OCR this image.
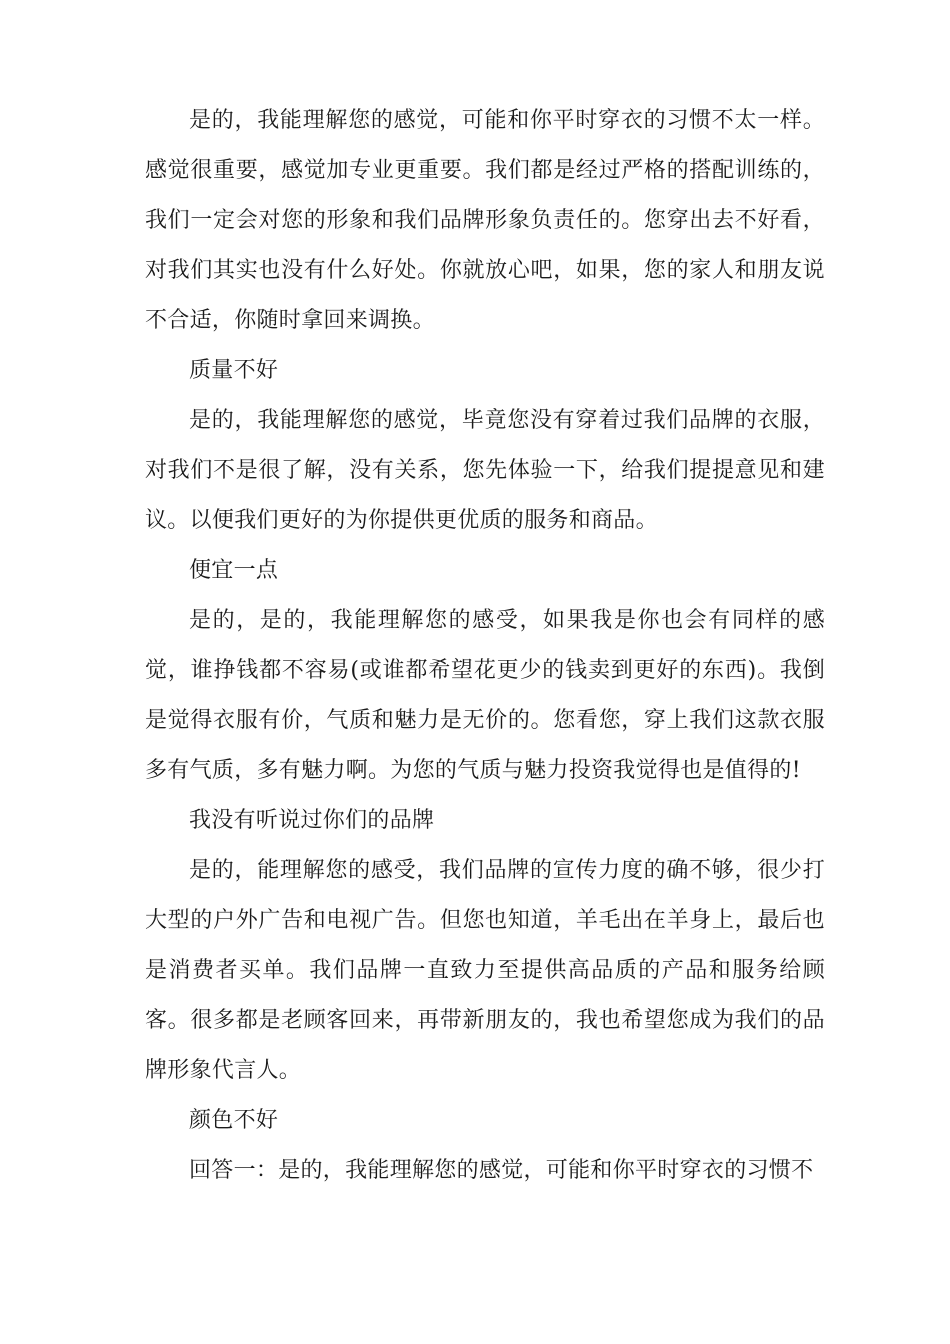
是的，我能理解您的感觉，可能和你平时穿衣的习惯不太一样。感觉很重要，感觉加专业更重要。我们都是经过严格的搭配训练的，我们一定会对您的形象和我们品牌形象负责任的。您穿出去不好看，对我们其实也没有什么好处。你就放心吧，如果，您的家人和朋友说不合适，你随时拿回来调换。

质量不好

是的，我能理解您的感觉，毕竟您没有穿着过我们品牌的衣服，对我们不是很了解，没有关系，您先体验一下，给我们提提意见和建议。以便我们更好的为你提供更优质的服务和商品。

便宜一点

是的，是的，我能理解您的感受，如果我是你也会有同样的感觉，谁挣钱都不容易(或谁都希望花更少的钱卖到更好的东西)。我倒是觉得衣服有价，气质和魅力是无价的。您看您，穿上我们这款衣服多有气质，多有魅力啊。为您的气质与魅力投资我觉得也是值得的!

我没有听说过你们的品牌

是的，能理解您的感受，我们品牌的宣传力度的确不够，很少打大型的户外广告和电视广告。但您也知道，羊毛出在羊身上，最后也是消费者买单。我们品牌一直致力至提供高品质的产品和服务给顾客。很多都是老顾客回来，再带新朋友的，我也希望您成为我们的品牌形象代言人。

颜色不好

回答一：是的，我能理解您的感觉，可能和你平时穿衣的习惯不
